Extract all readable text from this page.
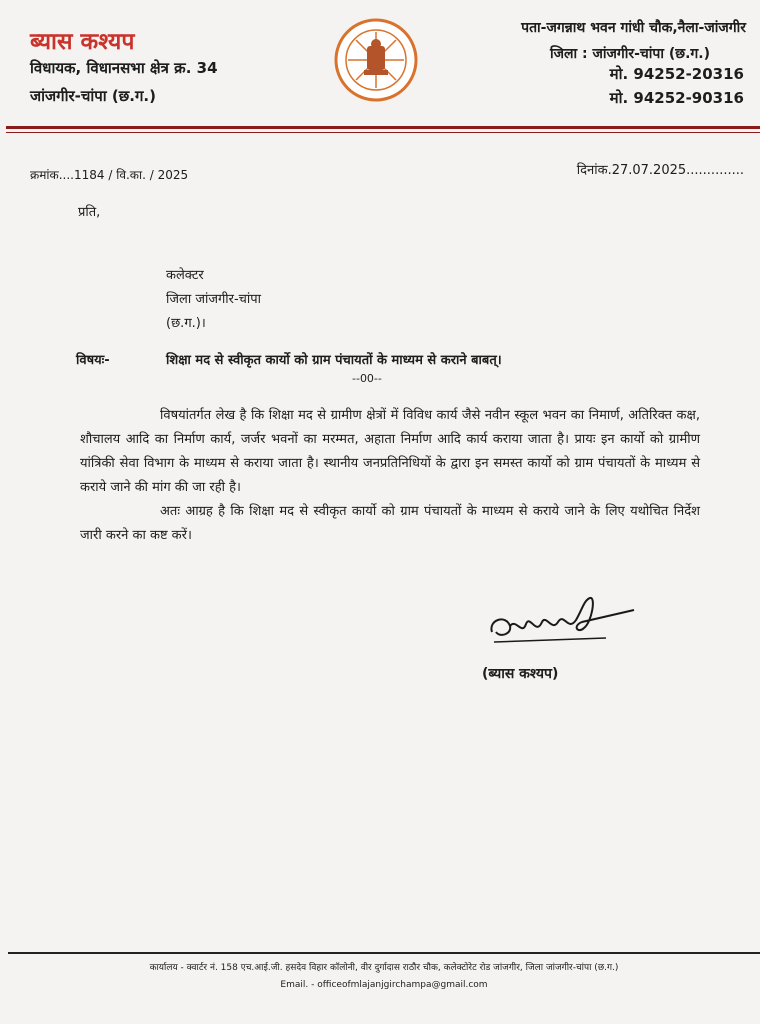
ब्यास कश्यप
विधायक, विधानसभा क्षेत्र क्र. 34
जांजगीर-चांपा (छ.ग.)
पता-जगन्नाथ भवन गांधी चौक,नैला-जांजगीर
जिला : जांजगीर-चांपा (छ.ग.)
मो. 94252-20316
मो. 94252-90316
क्रमांक....1184 / वि.का. / 2025	दिनांक.27.07.2025..............
प्रति,
कलेक्टर
जिला जांजगीर-चांपा
(छ.ग.)।
विषयः-	शिक्षा मद से स्वीकृत कार्यो को ग्राम पंचायतों के माध्यम से कराने बाबत्।
--00--
विषयांतर्गत लेख है कि शिक्षा मद से ग्रामीण क्षेत्रों में विविध कार्य जैसे नवीन स्कूल भवन का निमार्ण, अतिरिक्त कक्ष, शौचालय आदि का निर्माण कार्य, जर्जर भवनों का मरम्मत, अहाता निर्माण आदि कार्य कराया जाता है। प्रायः इन कार्यो को ग्रामीण यांत्रिकी सेवा विभाग के माध्यम से कराया जाता है। स्थानीय जनप्रतिनिधियों के द्वारा इन समस्त कार्यो को ग्राम पंचायतों के माध्यम से कराये जाने की मांग की जा रही है।
अतः आग्रह है कि शिक्षा मद से स्वीकृत कार्यो को ग्राम पंचायतों के माध्यम से कराये जाने के लिए यथोचित निर्देश जारी करने का कष्ट करें।
(ब्यास कश्यप)
कार्यालय - क्वार्टर नं. 158 एच.आई.जी. हसदेव विहार कॉलोनी, वीर दुर्गादास राठौर चौक, कलेक्टोरेट रोड जांजगीर, जिला जांजगीर-चांपा (छ.ग.)
Email. - officeofmlajanjgirchampa@gmail.com
